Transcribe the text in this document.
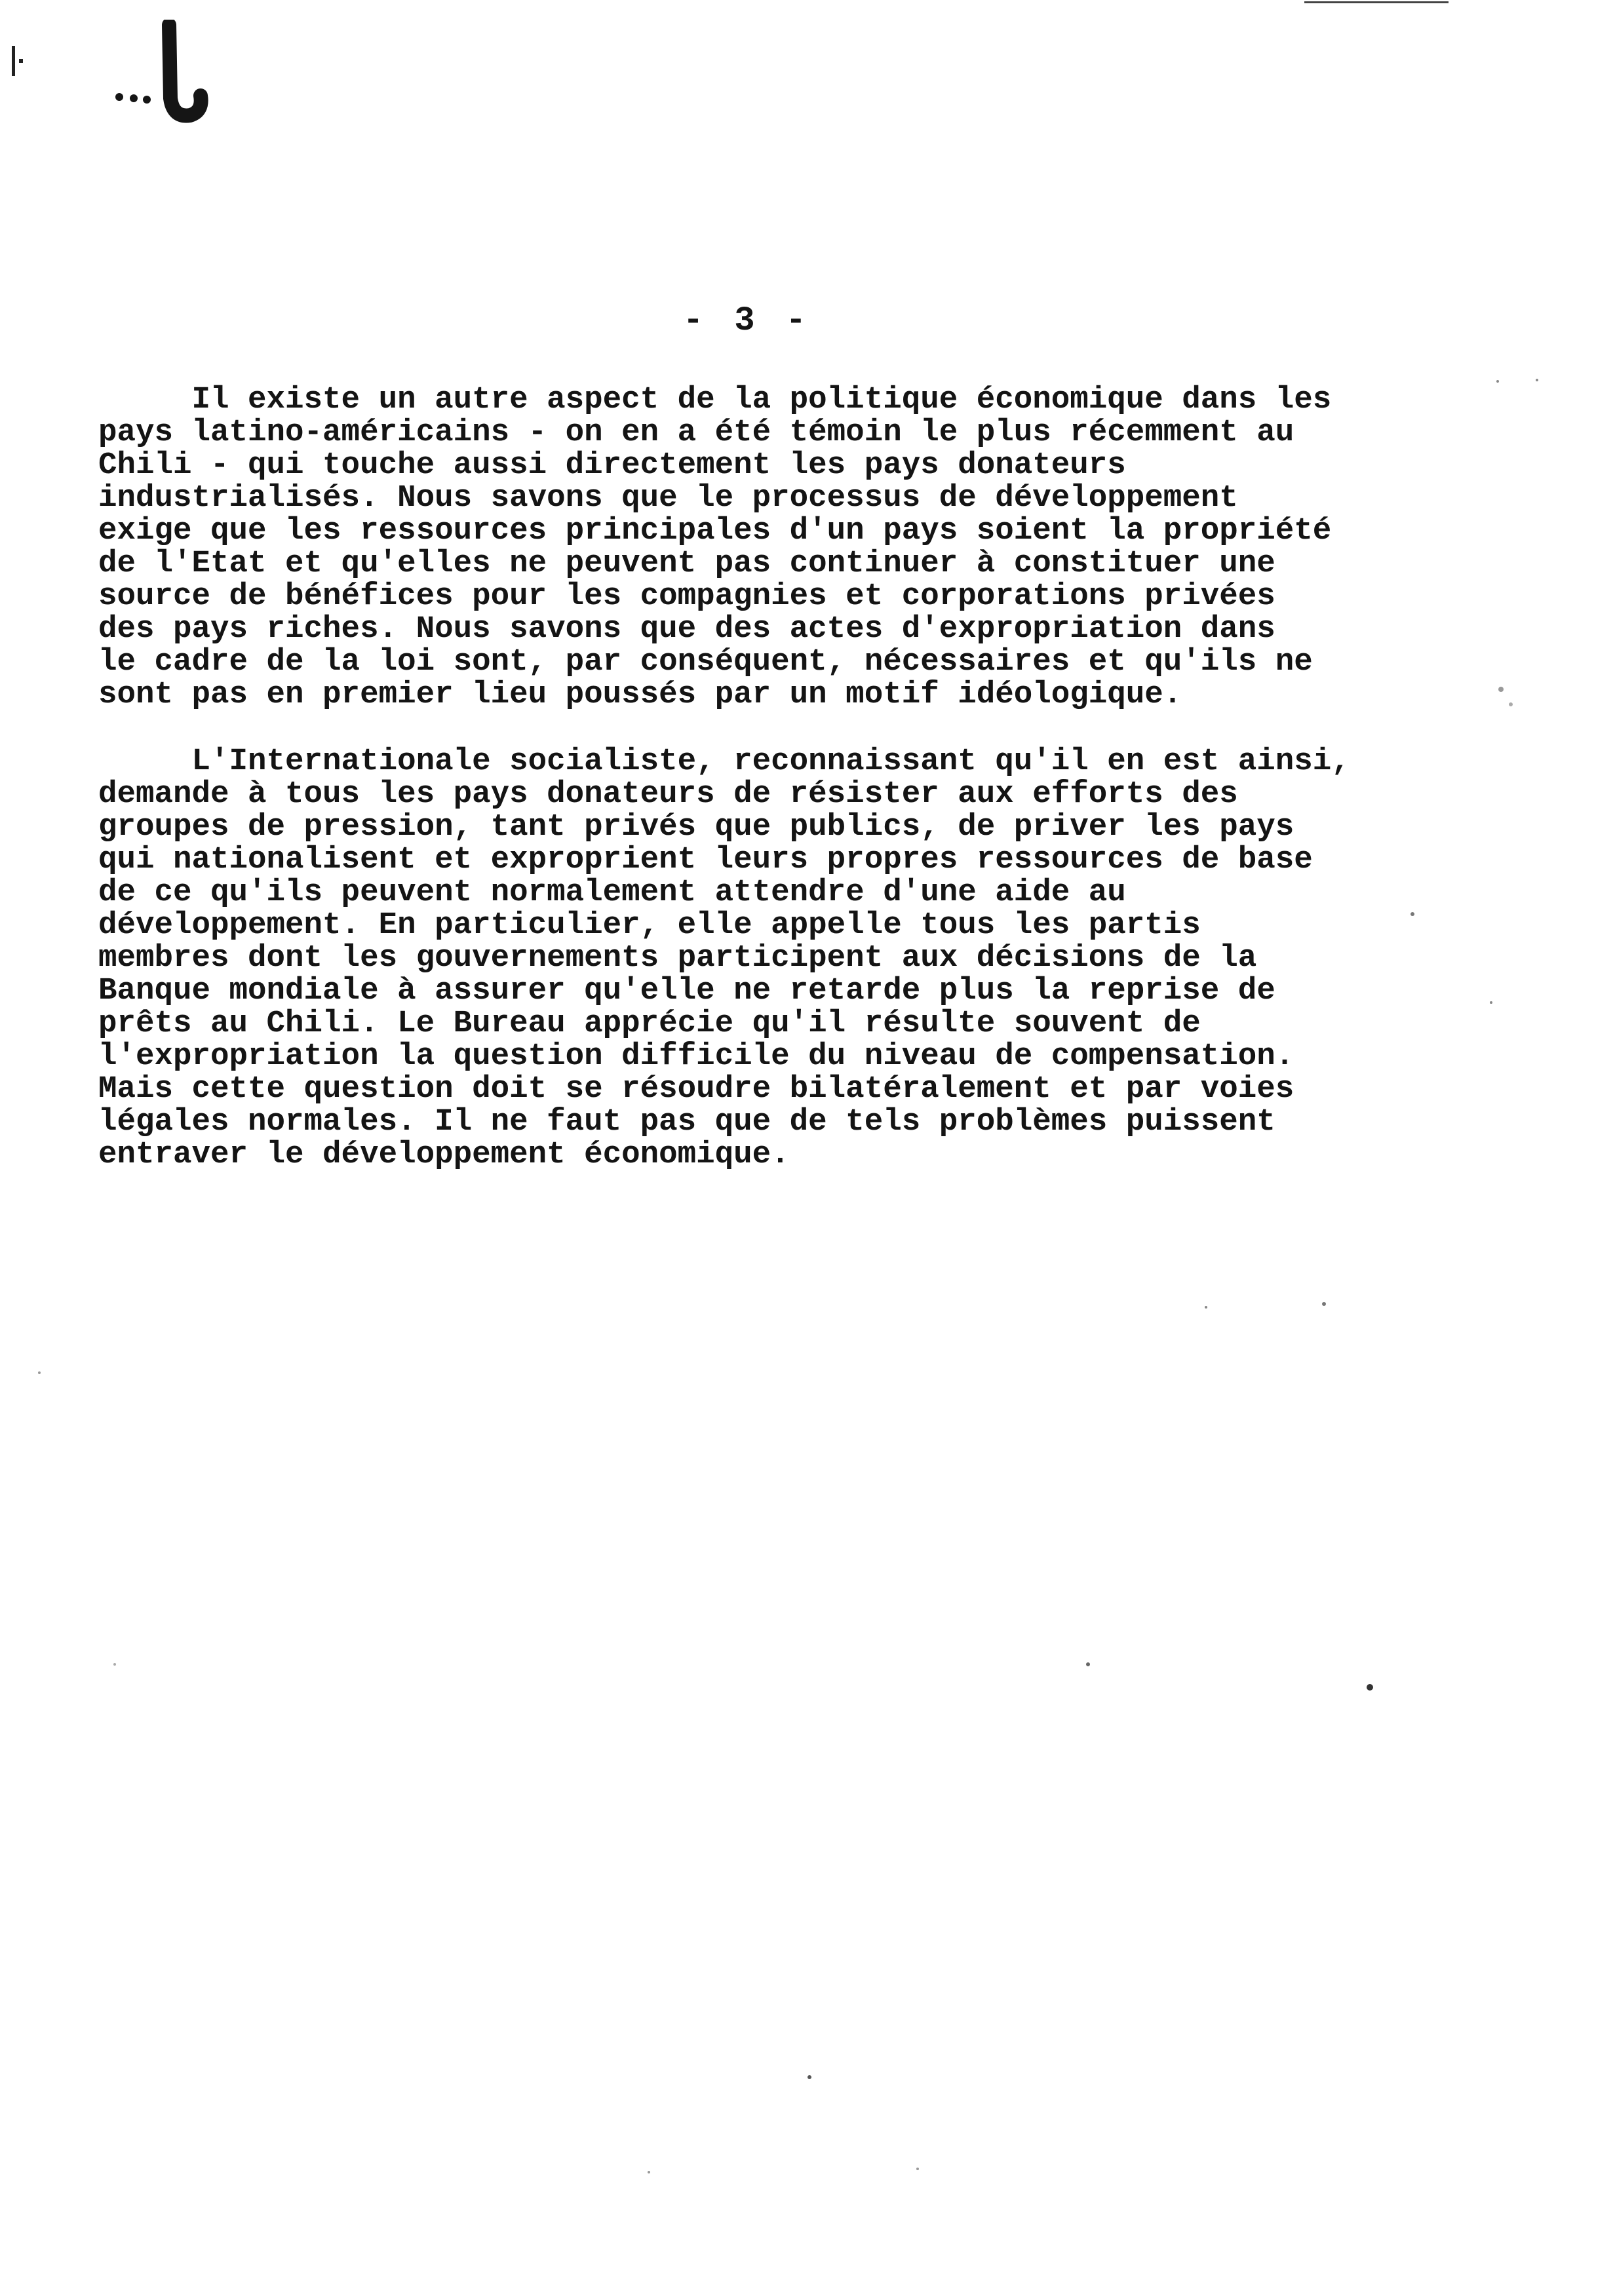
- 3 -
Il existe un autre aspect de la politique économique dans les
pays latino-américains - on en a été témoin le plus récemment au
Chili - qui touche aussi directement les pays donateurs
industrialisés. Nous savons que le processus de développement
exige que les ressources principales d'un pays soient la propriété
de l'Etat et qu'elles ne peuvent pas continuer à constituer une
source de bénéfices pour les compagnies et corporations privées
des pays riches. Nous savons que des actes d'expropriation dans
le cadre de la loi sont, par conséquent, nécessaires et qu'ils ne
sont pas en premier lieu poussés par un motif idéologique.
L'Internationale socialiste, reconnaissant qu'il en est ainsi,
demande à tous les pays donateurs de résister aux efforts des
groupes de pression, tant privés que publics, de priver les pays
qui nationalisent et exproprient leurs propres ressources de base
de ce qu'ils peuvent normalement attendre d'une aide au
développement. En particulier, elle appelle tous les partis
membres dont les gouvernements participent aux décisions de la
Banque mondiale à assurer qu'elle ne retarde plus la reprise de
prêts au Chili. Le Bureau apprécie qu'il résulte souvent de
l'expropriation la question difficile du niveau de compensation.
Mais cette question doit se résoudre bilatéralement et par voies
légales normales. Il ne faut pas que de tels problèmes puissent
entraver le développement économique.
